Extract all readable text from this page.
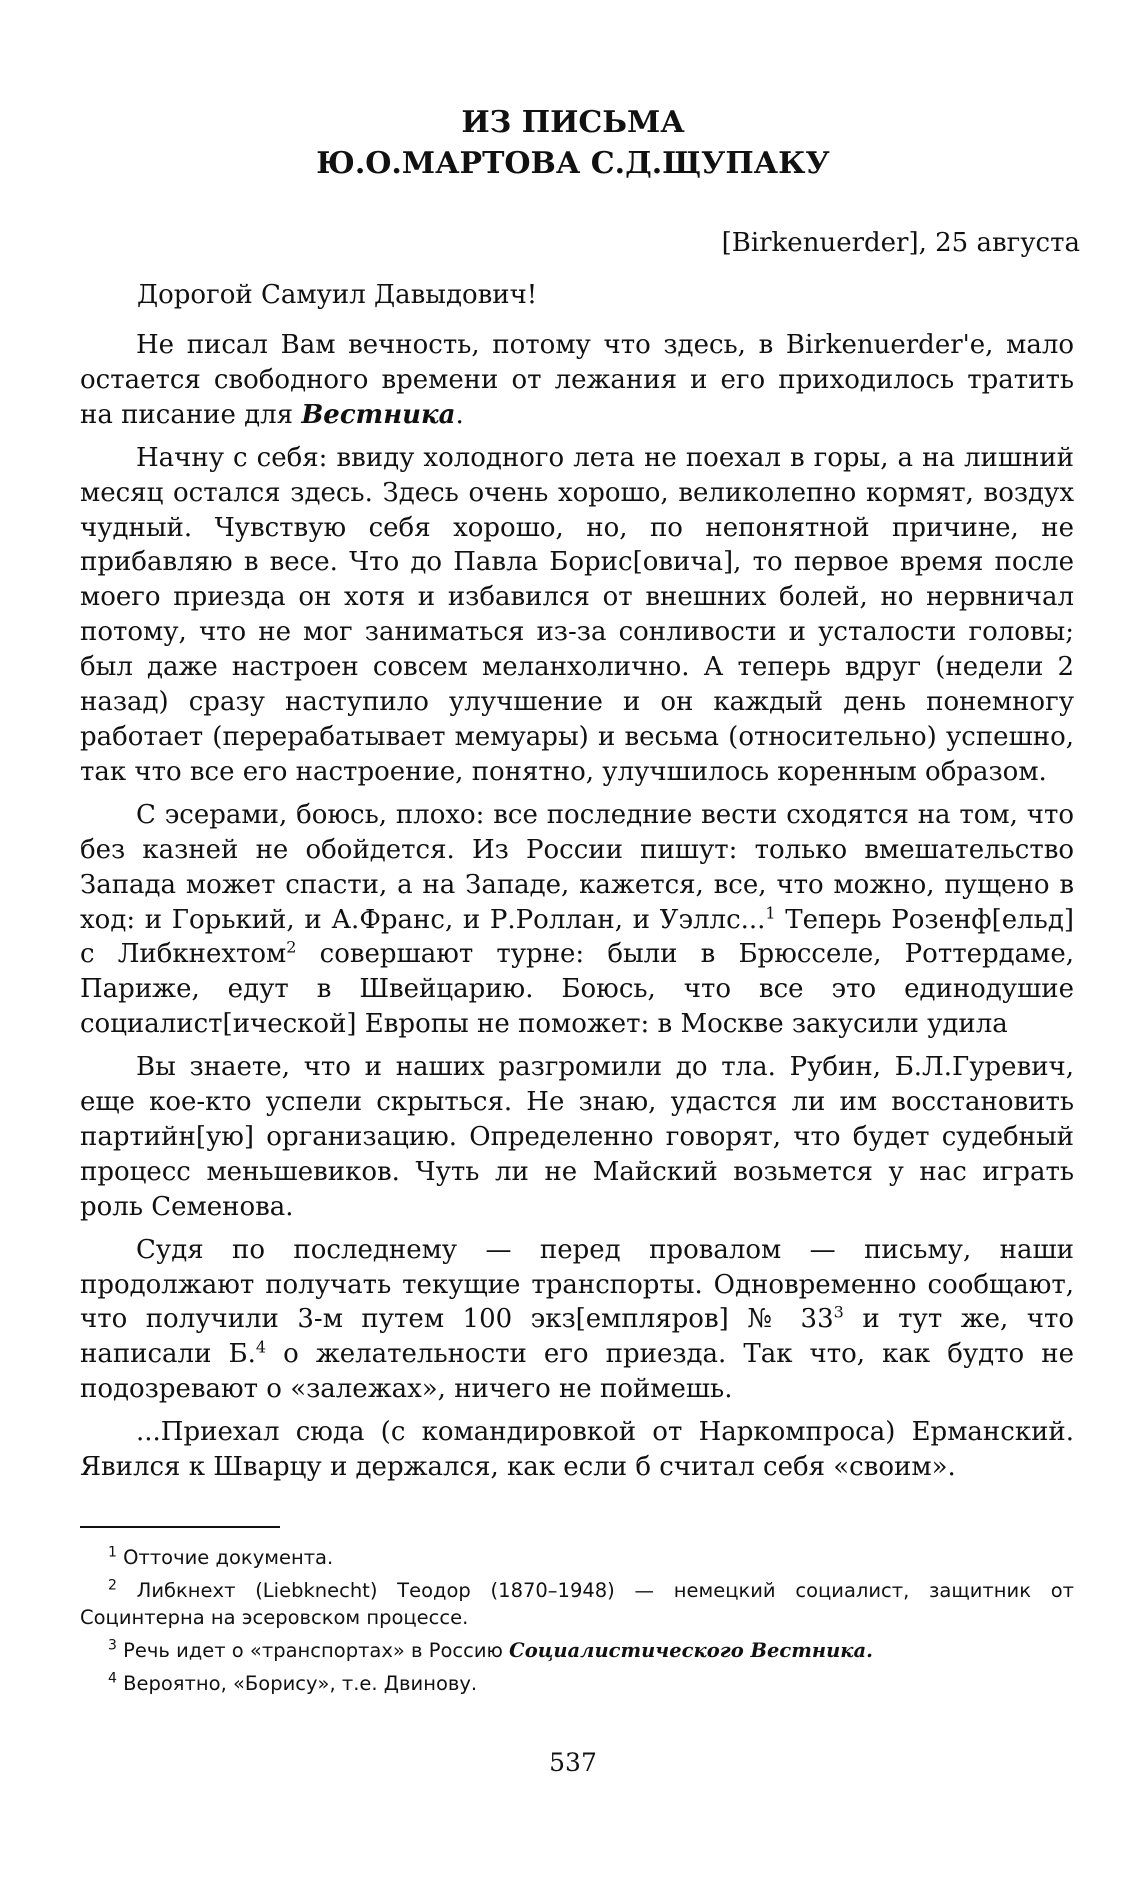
ИЗ ПИСЬМА
Ю.О.МАРТОВА С.Д.ЩУПАКУ
[Birkenuerder], 25 августа
Дорогой Самуил Давыдович!

Не писал Вам вечность, потому что здесь, в Birkenuerder'е, мало остается свободного времени от лежания и его приходилось тратить на писание для Вестника.

Начну с себя: ввиду холодного лета не поехал в горы, а на лишний месяц остался здесь. Здесь очень хорошо, великолепно кормят, воздух чудный. Чувствую себя хорошо, но, по непонятной причине, не прибавляю в весе. Что до Павла Борис[овича], то первое время после моего приезда он хотя и избавился от внешних болей, но нервничал потому, что не мог заниматься из-за сонливости и усталости головы; был даже настроен совсем меланхолично. А теперь вдруг (недели 2 назад) сразу наступило улучшение и он каждый день понемногу работает (перерабатывает мемуары) и весьма (относительно) успешно, так что все его настроение, понятно, улучшилось коренным образом.

С эсерами, боюсь, плохо: все последние вести сходятся на том, что без казней не обойдется. Из России пишут: только вмешательство Запада может спасти, а на Западе, кажется, все, что можно, пущено в ход: и Горький, и А.Франс, и Р.Роллан, и Уэллс...$^1$ Теперь Розенф[ельд] с Либкнехтом$^2$ совершают турне: были в Брюсселе, Роттердаме, Париже, едут в Швейцарию. Боюсь, что все это единодушие социалист[ической] Европы не поможет: в Москве закусили удила

Вы знаете, что и наших разгромили до тла. Рубин, Б.Л.Гуревич, еще кое-кто успели скрыться. Не знаю, удастся ли им восстановить партийн[ую] организацию. Определенно говорят, что будет судебный процесс меньшевиков. Чуть ли не Майский возьмется у нас играть роль Семенова.

Судя по последнему — перед провалом — письму, наши продолжают получать текущие транспорты. Одновременно сообщают, что получили 3-м путем 100 экз[емпляров] № $33^3$ и тут же, что написали Б.$^4$ о желательности его приезда. Так что, как будто не подозревают о «залежах», ничего не поймешь.

...Приехал сюда (с командировкой от Наркомпроса) Ерманский. Явился к Шварцу и держался, как если б считал себя «своим».

$^1$ Отточие документа.
$^2$ Либкнехт (Liebknecht) Теодор (1870–1948) — немецкий социалист, защитник от Социнтерна на эсеровском процессе.
$^3$ Речь идет о «транспортах» в Россию Социалистического Вестника.
$^4$ Вероятно, «Борису», т.е. Двинову.
537
